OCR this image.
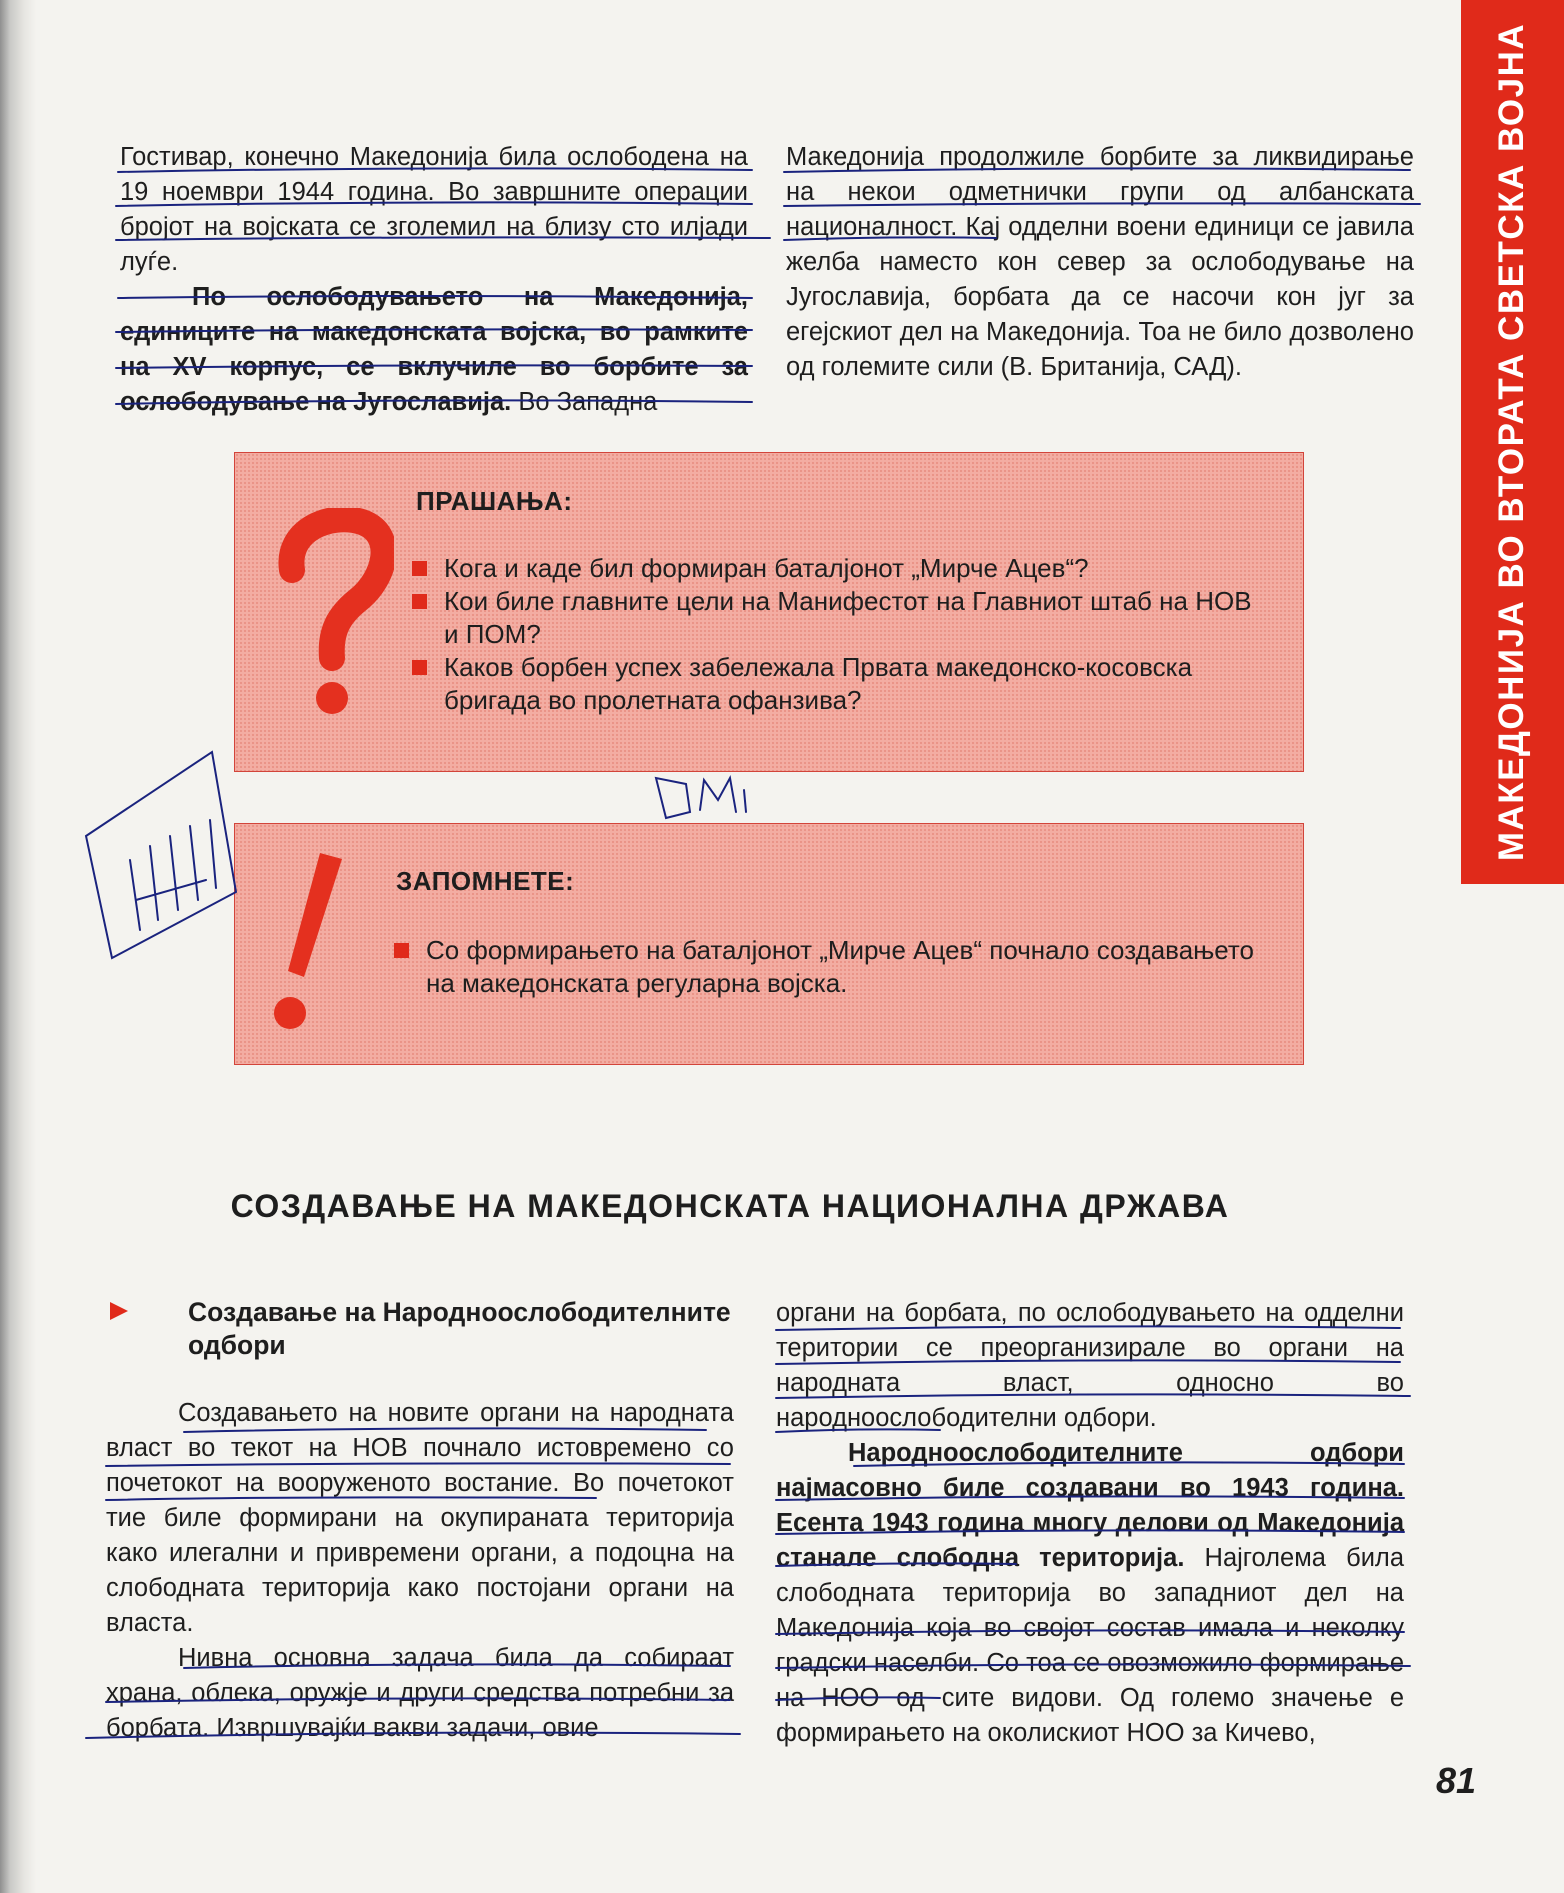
МАКЕДОНИЈА ВО ВТОРАТА СВЕТСКА ВОЈНА

Гостивар, конечно Македонија била ослободена на 19 ноември 1944 година. Во завршните операции бројот на војската се зголемил на близу сто илјади луѓе.

По ослободувањето на Македонија, единиците на македонската војска, во рамките на XV корпус, се вклучиле во борбите за ослободување на Југославија. Во Западна

Македонија продолжиле борбите за ликвидирање на некои одметнички групи од албанската националност. Кај одделни воени единици се јавила желба наместо кон север за ослободување на Југославија, борбата да се насочи кон југ за егејскиот дел на Македонија. Тоа не било дозволено од големите сили (В. Британија, САД).

ПРАШАЊА:
Кога и каде бил формиран баталјонот „Мирче Ацев“?
Кои биле главните цели на Манифестот на Главниот штаб на НОВ и ПОМ?
Каков борбен успех забележала Првата македонско-косовска бригада во пролетната офанзива?
ЗАПОМНЕТЕ:
Со формирањето на баталјонот „Мирче Ацев“ почнало создавањето на македонската регуларна војска.
СОЗДАВАЊЕ НА МАКЕДОНСКАТА НАЦИОНАЛНА ДРЖАВА
Создавање на Народноослободителните одбори

Создавањето на новите органи на народната власт во текот на НОВ почнало истовремено со почетокот на вооруженото востание. Во почетокот тие биле формирани на окупираната територија како илегални и привремени органи, а подоцна на слободната територија како постојани органи на власта.

Нивна основна задача била да собираат храна, облека, оружје и други средства потребни за борбата. Извршувајќи вакви задачи, овие

органи на борбата, по ослободувањето на одделни територии се преорганизирале во органи на народната власт, односно во народноослободителни одбори.

Народноослободителните одбори најмасовно биле создавани во 1943 година. Есента 1943 година многу делови од Македонија станале слободна територија. Најголема била слободната територија во западниот дел на Македонија која во својот состав имала и неколку градски населби. Со тоа се овозможило формирање на НОО од сите видови. Од големо значење е формирањето на околискиот НОО за Кичево,

81
